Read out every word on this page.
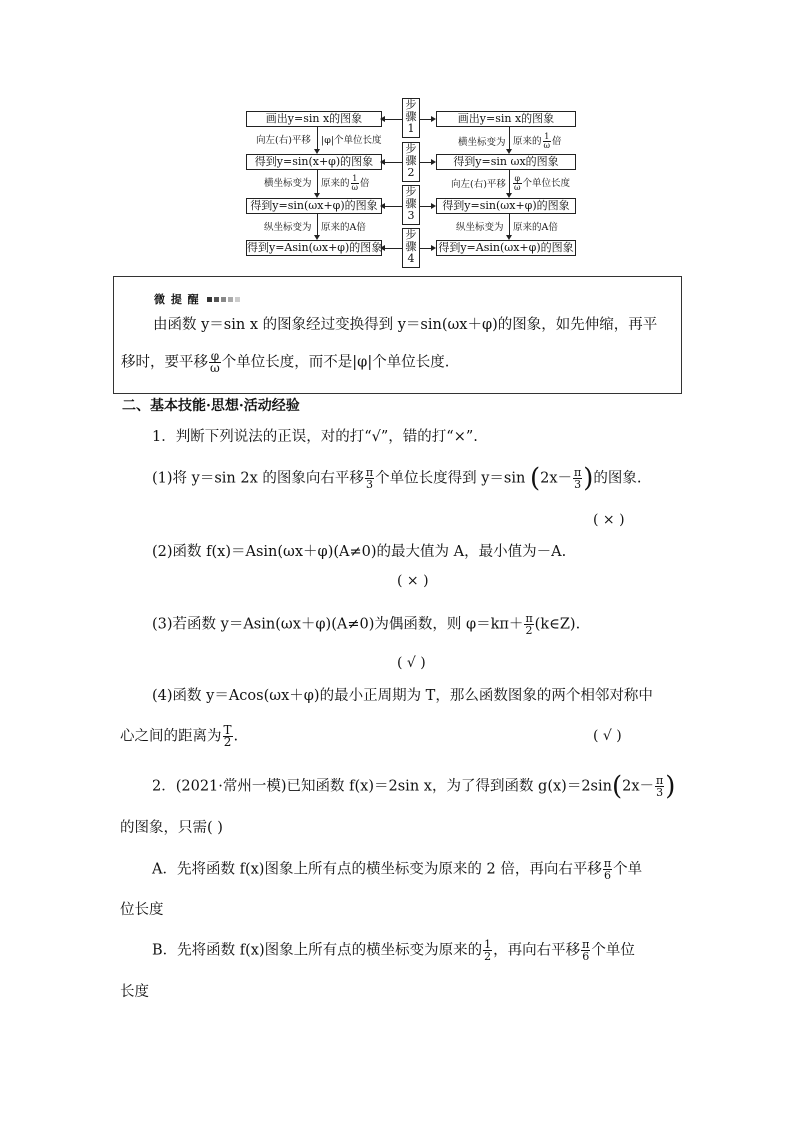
画出y=sin x的图象
得到y=sin(x+φ)的图象
得到y=sin(ωx+φ)的图象
得到y=Asin(ωx+φ)的图象
画出y=sin x的图象
得到y=sin ωx的图象
得到y=sin(ωx+φ)的图象
得到y=Asin(ωx+φ)的图象
步
骤
1
步
骤
2
步
骤
3
步
骤
4
向左(右)平移 |φ|个单位长度
横坐标变为 原来的 $\frac{1}{\omega}$ 倍
纵坐标变为 原来的A倍
横坐标变为 原来的 $\frac{1}{\omega}$ 倍
向左(右)平移 $\frac{\varphi}{\omega}$ 个单位长度
纵坐标变为 原来的A倍
微 提 醒
由函数 y＝sin x 的图象经过变换得到 y＝sin(ωx＋φ)的图象，如先伸缩，再平
移时，要平移 $\frac{\varphi}{\omega}$ 个单位长度，而不是|φ|个单位长度.
二、基本技能·思想·活动经验
1．判断下列说法的正误，对的打“√”，错的打“×”.
(1)将 y＝sin 2x 的图象向右平移 $\frac{\pi}{3}$ 个单位长度得到 y＝sin ($2x- \frac{\pi}{3}$ )的图象.
( × )
(2)函数 f(x)＝Asin(ωx＋φ)(A≠0)的最大值为 A，最小值为－A.
( × )
(3)若函数 y＝Asin(ωx＋φ)(A≠0)为偶函数，则 $\varphi=k\pi+ \frac{\pi}{2}$ (k∈Z).
( √ )
(4)函数 y＝Acos(ωx＋φ)的最小正周期为 T，那么函数图象的两个相邻对称中
心之间的距离为 $\frac{T}{2}$ .	( √ )
2．(2021·常州一模)已知函数 f(x)＝2sin x，为了得到函数 $g(x)=2\sin(2x- \frac{\pi}{3}$ )
的图象，只需( )
A．先将函数 f(x)图象上所有点的横坐标变为原来的 2 倍，再向右平移 $\frac{\pi}{6}$ 个单
位长度
B．先将函数 f(x)图象上所有点的横坐标变为原来的 $\frac{1}{2}$ ，再向右平移 $\frac{\pi}{6}$ 个单位
长度
